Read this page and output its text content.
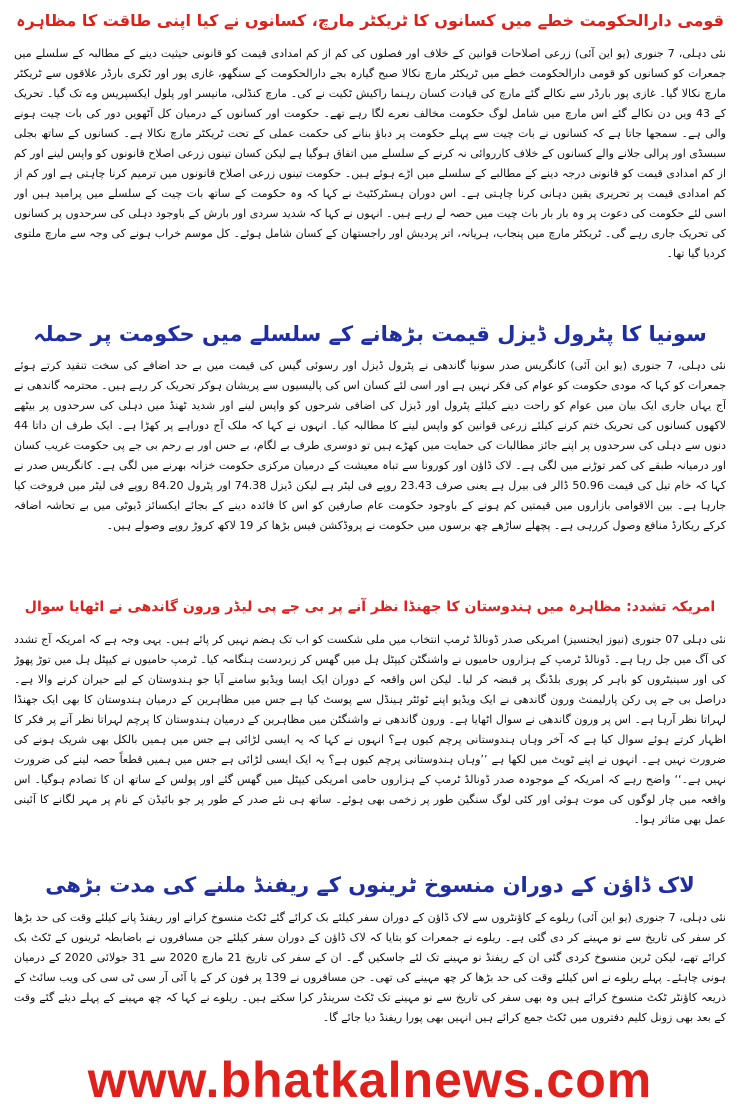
قومی دارالحکومت خطے میں کسانوں کا ٹریکٹر مارچ، کسانوں نے کیا اپنی طاقت کا مظاہرہ

نئی دہلی، 7 جنوری (یو این آئی) زرعی اصلاحات قوانین کے خلاف اور فصلوں کی کم از کم امدادی قیمت کو قانونی حیثیت دینے کے مطالبہ کے سلسلے میں جمعرات کو کسانوں کو قومی دارالحکومت خطے میں ٹریکٹر مارچ نکالا صبح گیارہ بجے دارالحکومت کے سنگھو، غازی پور اور ٹکری بارڈر علاقوں سے ٹریکٹر مارچ نکالا گیا۔ غازی پور بارڈر سے نکالے گئے مارچ کی قیادت کسان رہنما راکیش ٹکیت نے کی۔ مارچ کنڈلی، مانیسر اور پلول ایکسپریس وے تک گیا۔ تحریک کے 43 ویں دن نکالے گئے اس مارچ میں شامل لوگ حکومت مخالف نعرے لگا رہے تھے۔ حکومت اور کسانوں کے درمیان کل آٹھویں دور کی بات چیت ہونے والی ہے۔ سمجھا جاتا ہے کہ کسانوں نے بات چیت سے پہلے حکومت پر دباؤ بنانے کی حکمت عملی کے تحت ٹریکٹر مارچ نکالا ہے۔ کسانوں کے ساتھ بجلی سبسڈی اور پرالی جلانے والے کسانوں کے خلاف کارروائی نہ کرنے کے سلسلے میں اتفاق ہوگیا ہے لیکن کسان تینوں زرعی اصلاح قانونوں کو واپس لینے اور کم از کم امدادی قیمت کو قانونی درجہ دینے کے مطالبے کے سلسلے میں اڑے ہوئے ہیں۔ حکومت تینوں زرعی اصلاح قانونوں میں ترمیم کرنا چاہتی ہے اور کم از کم امدادی قیمت پر تحریری یقین دہانی کرنا چاہتی ہے۔ اس دوران ہسٹرکٹیٹ نے کہا کہ وہ حکومت کے ساتھ بات چیت کے سلسلے میں پرامید ہیں اور اسی لئے حکومت کی دعوت پر وہ بار بار بات چیت میں حصہ لے رہے ہیں۔ انہوں نے کہا کہ شدید سردی اور بارش کے باوجود دہلی کی سرحدوں پر کسانوں کی تحریک جاری رہے گی۔ ٹریکٹر مارچ میں پنجاب، ہریانہ، اتر پردیش اور راجستھان کے کسان شامل ہوئے۔ کل موسم خراب ہونے کی وجہ سے مارچ ملتوی کردیا گیا تھا۔

سونیا کا پٹرول ڈیزل قیمت بڑھانے کے سلسلے میں حکومت پر حملہ

نئی دہلی، 7 جنوری (یو این آئی) کانگریس صدر سونیا گاندھی نے پٹرول ڈیزل اور رسوئی گیس کی قیمت میں بے حد اضافے کی سخت تنقید کرتے ہوئے جمعرات کو کہا کہ مودی حکومت کو عوام کی فکر نہیں ہے اور اسی لئے کسان اس کی پالیسیوں سے پریشان ہوکر تحریک کر رہے ہیں۔ محترمہ گاندھی نے آج یہاں جاری ایک بیان میں عوام کو راحت دینے کیلئے پٹرول اور ڈیزل کی اضافی شرحوں کو واپس لینے اور شدید ٹھنڈ میں دہلی کی سرحدوں پر بیٹھے لاکھوں کسانوں کی تحریک ختم کرنے کیلئے زرعی قوانین کو واپس لینے کا مطالبہ کیا۔ انہوں نے کہا کہ ملک آج دوراہے پر کھڑا ہے۔ ایک طرف ان داتا 44 دنوں سے دہلی کی سرحدوں پر اپنے جائز مطالبات کی حمایت میں کھڑے ہیں تو دوسری طرف بے لگام، بے حس اور بے رحم بی جے پی حکومت غریب کسان اور درمیانہ طبقے کی کمر توڑنے میں لگی ہے۔ لاک ڈاؤن اور کورونا سے تباہ معیشت کے درمیان مرکزی حکومت خزانہ بھرنے میں لگی ہے۔ کانگریس صدر نے کہا کہ خام تیل کی قیمت 50.96 ڈالر فی بیرل ہے یعنی صرف 23.43 روپے فی لیٹر ہے لیکن ڈیزل 74.38 اور پٹرول 84.20 روپے فی لیٹر میں فروخت کیا جارہا ہے۔ بین الاقوامی بازاروں میں قیمتیں کم ہونے کے باوجود حکومت عام صارفین کو اس کا فائدہ دینے کے بجائے ایکسائز ڈیوٹی میں بے تحاشہ اضافہ کرکے ریکارڈ منافع وصول کررہی ہے۔ پچھلے ساڑھے چھ برسوں میں حکومت نے پروڈکشن فیس بڑھا کر 19 لاکھ کروڑ روپے وصولے ہیں۔

امریکہ تشدد: مظاہرہ میں ہندوستان کا جھنڈا نظر آنے پر بی جے پی لیڈر ورون گاندھی نے اٹھایا سوال

نئی دہلی 07 جنوری (نیوز ایجنسیز) امریکی صدر ڈونالڈ ٹرمپ انتخاب میں ملی شکست کو اب تک ہضم نہیں کر پائے ہیں۔ یہی وجہ ہے کہ امریکہ آج تشدد کی آگ میں جل رہا ہے۔ ڈونالڈ ٹرمپ کے ہزاروں حامیوں نے واشنگٹن کیپٹل ہل میں گھس کر زبردست ہنگامہ کیا۔ ٹرمپ حامیوں نے کیپٹل ہل میں توڑ پھوڑ کی اور سینیٹروں کو باہر کر پوری بلڈنگ پر قبضہ کر لیا۔ لیکن اس واقعہ کے دوران ایک ایسا ویڈیو سامنے آیا جو ہندوستان کے لیے حیران کرنے والا ہے۔ دراصل بی جے پی رکن پارلیمنٹ ورون گاندھی نے ایک ویڈیو اپنے ٹوئٹر ہینڈل سے پوسٹ کیا ہے جس میں مظاہرین کے درمیان ہندوستان کا بھی ایک جھنڈا لہراتا نظر آرہا ہے۔ اس پر ورون گاندھی نے سوال اٹھایا ہے۔ ورون گاندھی نے واشنگٹن میں مظاہرین کے درمیان ہندوستان کا پرچم لہراتا نظر آنے پر فکر کا اظہار کرتے ہوئے سوال کیا ہے کہ آخر وہاں ہندوستانی پرچم کیوں ہے؟ انہوں نے کہا کہ یہ ایسی لڑائی ہے جس میں ہمیں بالکل بھی شریک ہونے کی ضرورت نہیں ہے۔ انہوں نے اپنے ٹویٹ میں لکھا ہے ’’وہاں ہندوستانی پرچم کیوں ہے؟ یہ ایک ایسی لڑائی ہے جس میں ہمیں قطعاً حصہ لینے کی ضرورت نہیں ہے۔‘‘ واضح رہے کہ امریکہ کے موجودہ صدر ڈونالڈ ٹرمپ کے ہزاروں حامی امریکی کیپٹل میں گھس گئے اور پولس کے ساتھ ان کا تصادم ہوگیا۔ اس واقعہ میں چار لوگوں کی موت ہوئی اور کئی لوگ سنگین طور پر زخمی بھی ہوئے۔ ساتھ ہی نئے صدر کے طور پر جو بائیڈن کے نام پر مہر لگانے کا آئینی عمل بھی متاثر ہوا۔

لاک ڈاؤن کے دوران منسوخ ٹرینوں کے ریفنڈ ملنے کی مدت بڑھی

نئی دہلی، 7 جنوری (یو این آئی) ریلوے کے کاؤنٹروں سے لاک ڈاؤن کے دوران سفر کیلئے بک کرائے گئے ٹکٹ منسوخ کرانے اور ریفنڈ پانے کیلئے وقت کی حد بڑھا کر سفر کی تاریخ سے نو مہینے کر دی گئی ہے۔ ریلوے نے جمعرات کو بتایا کہ لاک ڈاؤن کے دوران سفر کیلئے جن مسافروں نے باضابطہ ٹرینوں کے ٹکٹ بک کرائے تھے، لیکن ٹرین منسوخ کردی گئی ان کے ریفنڈ نو مہینے تک لئے جاسکیں گے۔ ان کے سفر کی تاریخ 21 مارچ 2020 سے 31 جولائی 2020 کے درمیان ہونی چاہئے۔ پہلے ریلوے نے اس کیلئے وقت کی حد بڑھا کر چھ مہینے کی تھی۔ جن مسافروں نے 139 پر فون کر کے یا آئی آر سی ٹی سی کی ویب سائٹ کے ذریعہ کاؤنٹر ٹکٹ منسوخ کرائے ہیں وہ بھی سفر کی تاریخ سے نو مہینے تک ٹکٹ سرینڈر کرا سکتے ہیں۔ ریلوے نے کہا کہ چھ مہینے کے پہلے دیئے گئے وقت کے بعد بھی زونل کلیم دفتروں میں ٹکٹ جمع کرائے ہیں انہیں بھی پورا ریفنڈ دیا جائے گا۔

www.bhatkalnews.com
